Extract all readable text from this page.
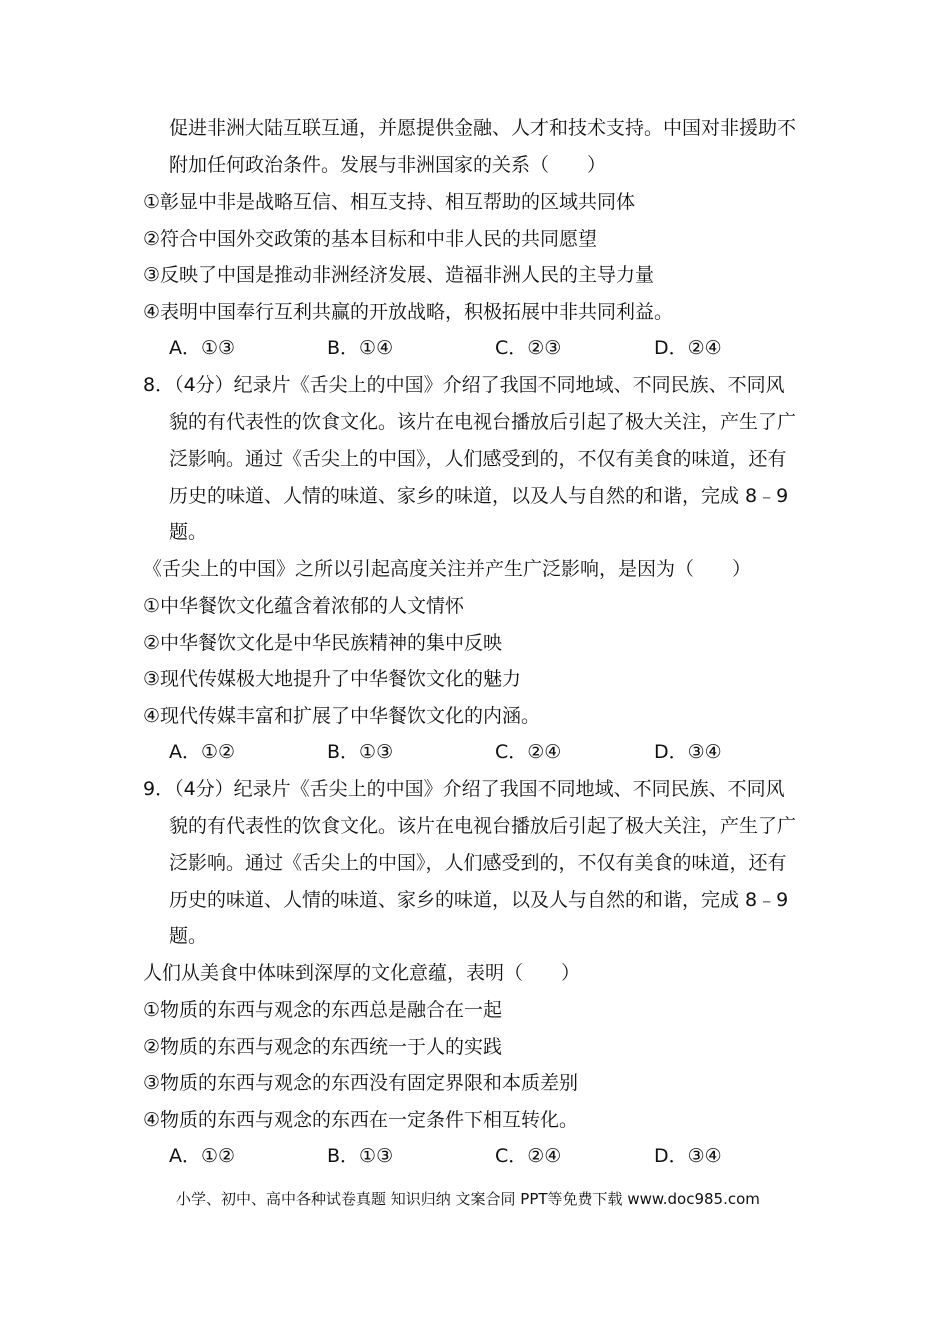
促进非洲大陆互联互通，并愿提供金融、人才和技术支持。中国对非援助不
附加任何政治条件。发展与非洲国家的关系（　　）
①彰显中非是战略互信、相互支持、相互帮助的区域共同体
②符合中国外交政策的基本目标和中非人民的共同愿望
③反映了中国是推动非洲经济发展、造福非洲人民的主导力量
④表明中国奉行互利共赢的开放战略，积极拓展中非共同利益。
A．①③	B．①④	C．②③	D．②④
8．（4分）纪录片《舌尖上的中国》介绍了我国不同地域、不同民族、不同风
貌的有代表性的饮食文化。该片在电视台播放后引起了极大关注，产生了广
泛影响。通过《舌尖上的中国》，人们感受到的，不仅有美食的味道，还有
历史的味道、人情的味道、家乡的味道，以及人与自然的和谐，完成 8﹣9
题。
《舌尖上的中国》之所以引起高度关注并产生广泛影响，是因为（　　）
①中华餐饮文化蕴含着浓郁的人文情怀
②中华餐饮文化是中华民族精神的集中反映
③现代传媒极大地提升了中华餐饮文化的魅力
④现代传媒丰富和扩展了中华餐饮文化的内涵。
A．①②	B．①③	C．②④	D．③④
9．（4分）纪录片《舌尖上的中国》介绍了我国不同地域、不同民族、不同风
貌的有代表性的饮食文化。该片在电视台播放后引起了极大关注，产生了广
泛影响。通过《舌尖上的中国》，人们感受到的，不仅有美食的味道，还有
历史的味道、人情的味道、家乡的味道，以及人与自然的和谐，完成 8﹣9
题。
人们从美食中体味到深厚的文化意蕴，表明（　　）
①物质的东西与观念的东西总是融合在一起
②物质的东西与观念的东西统一于人的实践
③物质的东西与观念的东西没有固定界限和本质差别
④物质的东西与观念的东西在一定条件下相互转化。
A．①②	B．①③	C．②④	D．③④
小学、初中、高中各种试卷真题 知识归纳 文案合同 PPT等免费下载 www.doc985.com
